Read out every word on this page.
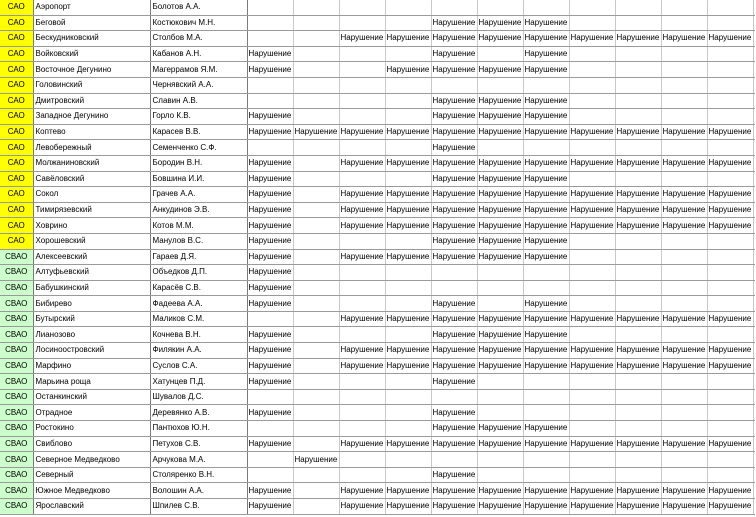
САО	Аэропорт	Болотов А.А.												
САО	Беговой	Костюкович М.Н.					Нарушение	Нарушение	Нарушение					
САО	Бескудниковский	Столбов М.А.			Нарушение	Нарушение	Нарушение	Нарушение	Нарушение	Нарушение	Нарушение	Нарушение	Нарушение	
САО	Войковский	Кабанов А.Н.	Нарушение				Нарушение		Нарушение					
САО	Восточное Дегунино	Магеррамов Я.М.	Нарушение			Нарушение	Нарушение	Нарушение	Нарушение					
САО	Головинский	Чернявский А.А.												
САО	Дмитровский	Славин А.В.					Нарушение	Нарушение	Нарушение					
САО	Западное Дегунино	Горло К.В.	Нарушение				Нарушение	Нарушение	Нарушение					
САО	Коптево	Карасев В.В.	Нарушение	Нарушение	Нарушение	Нарушение	Нарушение	Нарушение	Нарушение	Нарушение	Нарушение	Нарушение	Нарушение	
САО	Левобережный	Семенченко С.Ф.					Нарушение							
САО	Молжаниновский	Бородин В.Н.	Нарушение		Нарушение	Нарушение	Нарушение	Нарушение	Нарушение	Нарушение	Нарушение	Нарушение	Нарушение	
САО	Савёловский	Бовшина И.И.	Нарушение				Нарушение	Нарушение	Нарушение					
САО	Сокол	Грачев А.А.	Нарушение		Нарушение	Нарушение	Нарушение	Нарушение	Нарушение	Нарушение	Нарушение	Нарушение	Нарушение	
САО	Тимирязевский	Анкудинов Э.В.	Нарушение		Нарушение	Нарушение	Нарушение	Нарушение	Нарушение	Нарушение	Нарушение	Нарушение	Нарушение	
САО	Ховрино	Котов М.М.	Нарушение		Нарушение	Нарушение	Нарушение	Нарушение	Нарушение	Нарушение	Нарушение	Нарушение	Нарушение	
САО	Хорошевский	Манулов В.С.	Нарушение				Нарушение	Нарушение	Нарушение					
СВАО	Алексеевский	Гараев Д.Я.	Нарушение		Нарушение	Нарушение	Нарушение	Нарушение	Нарушение					
СВАО	Алтуфьевский	Объедков Д.П.	Нарушение											
СВАО	Бабушкинский	Карасёв С.В.	Нарушение											
СВАО	Бибирево	Фадеева А.А.	Нарушение				Нарушение		Нарушение					
СВАО	Бутырский	Маликов С.М.			Нарушение	Нарушение	Нарушение	Нарушение	Нарушение	Нарушение	Нарушение	Нарушение	Нарушение	
СВАО	Лианозово	Кочнева В.Н.	Нарушение				Нарушение	Нарушение	Нарушение					
СВАО	Лосиноостровский	Филякин А.А.	Нарушение		Нарушение	Нарушение	Нарушение	Нарушение	Нарушение	Нарушение	Нарушение	Нарушение	Нарушение	
СВАО	Марфино	Суслов С.А.	Нарушение		Нарушение	Нарушение	Нарушение	Нарушение	Нарушение	Нарушение	Нарушение	Нарушение	Нарушение	
СВАО	Марьина роща	Хатунцев П.Д.	Нарушение				Нарушение							
СВАО	Останкинский	Шувалов Д.С.												
СВАО	Отрадное	Деревянко А.В.	Нарушение				Нарушение							
СВАО	Ростокино	Пантюхов Ю.Н.					Нарушение	Нарушение	Нарушение					
СВАО	Свиблово	Петухов С.В.	Нарушение		Нарушение	Нарушение	Нарушение	Нарушение	Нарушение	Нарушение	Нарушение	Нарушение	Нарушение	
СВАО	Северное Медведково	Арчукова М.А.		Нарушение										
СВАО	Северный	Столяренко В.Н.					Нарушение							
СВАО	Южное Медведково	Волошин А.А.	Нарушение		Нарушение	Нарушение	Нарушение	Нарушение	Нарушение	Нарушение	Нарушение	Нарушение	Нарушение	
СВАО	Ярославский	Шпилев С.В.	Нарушение		Нарушение	Нарушение	Нарушение	Нарушение	Нарушение	Нарушение	Нарушение	Нарушение	Нарушение	
